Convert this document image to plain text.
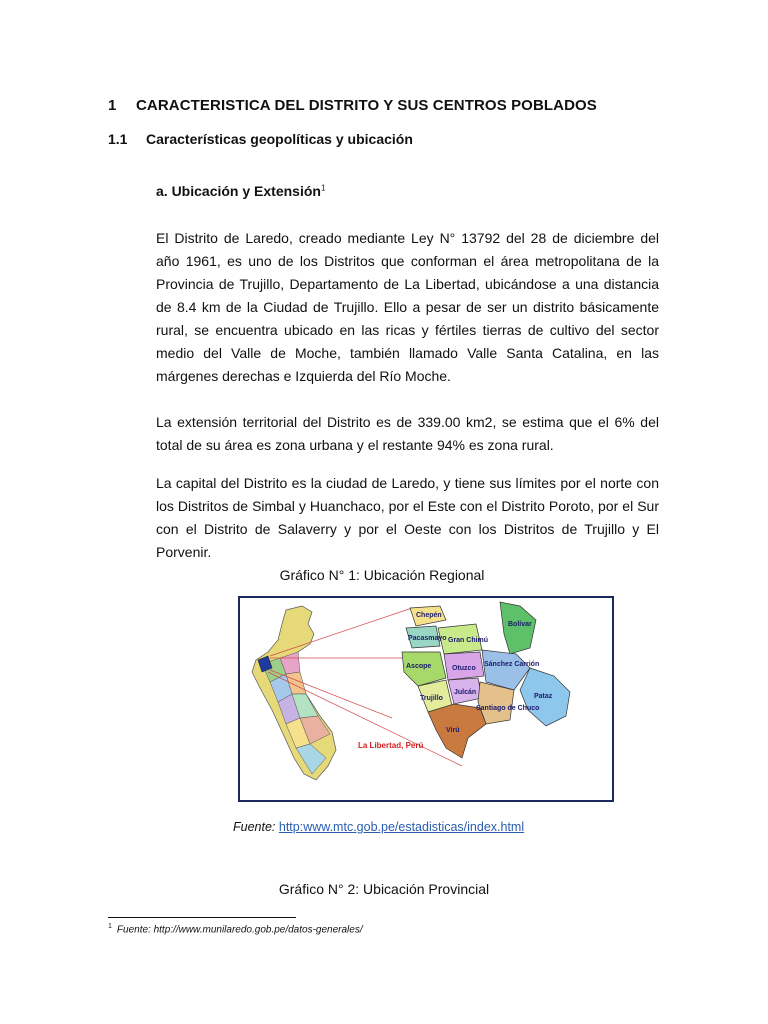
1 CARACTERISTICA DEL DISTRITO Y SUS CENTROS POBLADOS
1.1 Características geopolíticas y ubicación
a. Ubicación y Extensión$^1$
El Distrito de Laredo, creado mediante Ley N° 13792 del 28 de diciembre del año 1961, es uno de los Distritos que conforman el área metropolitana de la Provincia de Trujillo, Departamento de La Libertad, ubicándose a una distancia de 8.4 km de la Ciudad de Trujillo. Ello a pesar de ser un distrito básicamente rural, se encuentra ubicado en las ricas y fértiles tierras de cultivo del sector medio del Valle de Moche, también llamado Valle Santa Catalina, en las márgenes derechas e Izquierda del Río Moche.
La extensión territorial del Distrito es de 339.00 km2, se estima que el 6% del total de su área es zona urbana y el restante 94% es zona rural.
La capital del Distrito es la ciudad de Laredo, y tiene sus límites por el norte con los Distritos de Simbal y Huanchaco, por el Este con el Distrito Poroto, por el Sur con el Distrito de Salaverry y por el Oeste con los Distritos de Trujillo y El Porvenir.
Gráfico N° 1: Ubicación Regional
Chepén
Pacasmayo Gran Chimú
Bolívar
Ascope	Otuzco
Sánchez Carrión
Trujillo
Julcán
Santiago de Chuco
Pataz
Virú
La Libertad, Perú
Fuente: http:www.mtc.gob.pe/estadisticas/index.html
Gráfico N° 2: Ubicación Provincial
$^1$ Fuente: http://www.munilaredo.gob.pe/datos-generales/
